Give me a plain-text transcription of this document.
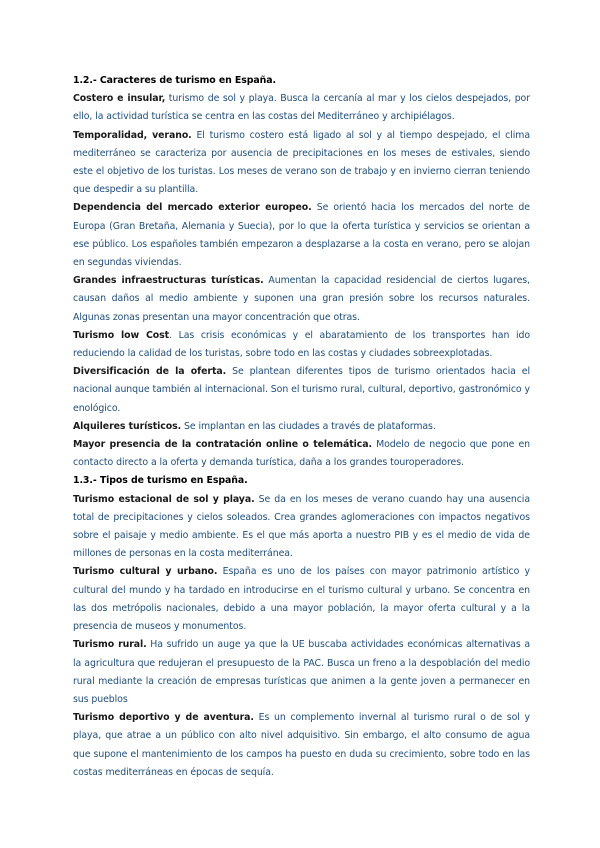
1.2.- Caracteres de turismo en España.

Costero e insular, turismo de sol y playa. Busca la cercanía al mar y los cielos despejados, por ello, la actividad turística se centra en las costas del Mediterráneo y archipiélagos.

Temporalidad, verano. El turismo costero está ligado al sol y al tiempo despejado, el clima mediterráneo se caracteriza por ausencia de precipitaciones en los meses de estivales, siendo este el objetivo de los turistas. Los meses de verano son de trabajo y en invierno cierran teniendo que despedir a su plantilla.

Dependencia del mercado exterior europeo. Se orientó hacia los mercados del norte de Europa (Gran Bretaña, Alemania y Suecia), por lo que la oferta turística y servicios se orientan a ese público. Los españoles también empezaron a desplazarse a la costa en verano, pero se alojan en segundas viviendas.

Grandes infraestructuras turísticas. Aumentan la capacidad residencial de ciertos lugares, causan daños al medio ambiente y suponen una gran presión sobre los recursos naturales. Algunas zonas presentan una mayor concentración que otras.

Turismo low Cost. Las crisis económicas y el abaratamiento de los transportes han ido reduciendo la calidad de los turistas, sobre todo en las costas y ciudades sobreexplotadas.

Diversificación de la oferta. Se plantean diferentes tipos de turismo orientados hacia el nacional aunque también al internacional. Son el turismo rural, cultural, deportivo, gastronómico y enológico.

Alquileres turísticos. Se implantan en las ciudades a través de plataformas.

Mayor presencia de la contratación online o telemática. Modelo de negocio que pone en contacto directo a la oferta y demanda turística, daña a los grandes touroperadores.

1.3.- Tipos de turismo en España.

Turismo estacional de sol y playa. Se da en los meses de verano cuando hay una ausencia total de precipitaciones y cielos soleados. Crea grandes aglomeraciones con impactos negativos sobre el paisaje y medio ambiente. Es el que más aporta a nuestro PIB y es el medio de vida de millones de personas en la costa mediterránea.

Turismo cultural y urbano. España es uno de los países con mayor patrimonio artístico y cultural del mundo y ha tardado en introducirse en el turismo cultural y urbano. Se concentra en las dos metrópolis nacionales, debido a una mayor población, la mayor oferta cultural y a la presencia de museos y monumentos.

Turismo rural. Ha sufrido un auge ya que la UE buscaba actividades económicas alternativas a la agricultura que redujeran el presupuesto de la PAC. Busca un freno a la despoblación del medio rural mediante la creación de empresas turísticas que animen a la gente joven a permanecer en sus pueblos

Turismo deportivo y de aventura. Es un complemento invernal al turismo rural o de sol y playa, que atrae a un público con alto nivel adquisitivo. Sin embargo, el alto consumo de agua que supone el mantenimiento de los campos ha puesto en duda su crecimiento, sobre todo en las costas mediterráneas en épocas de sequía.
